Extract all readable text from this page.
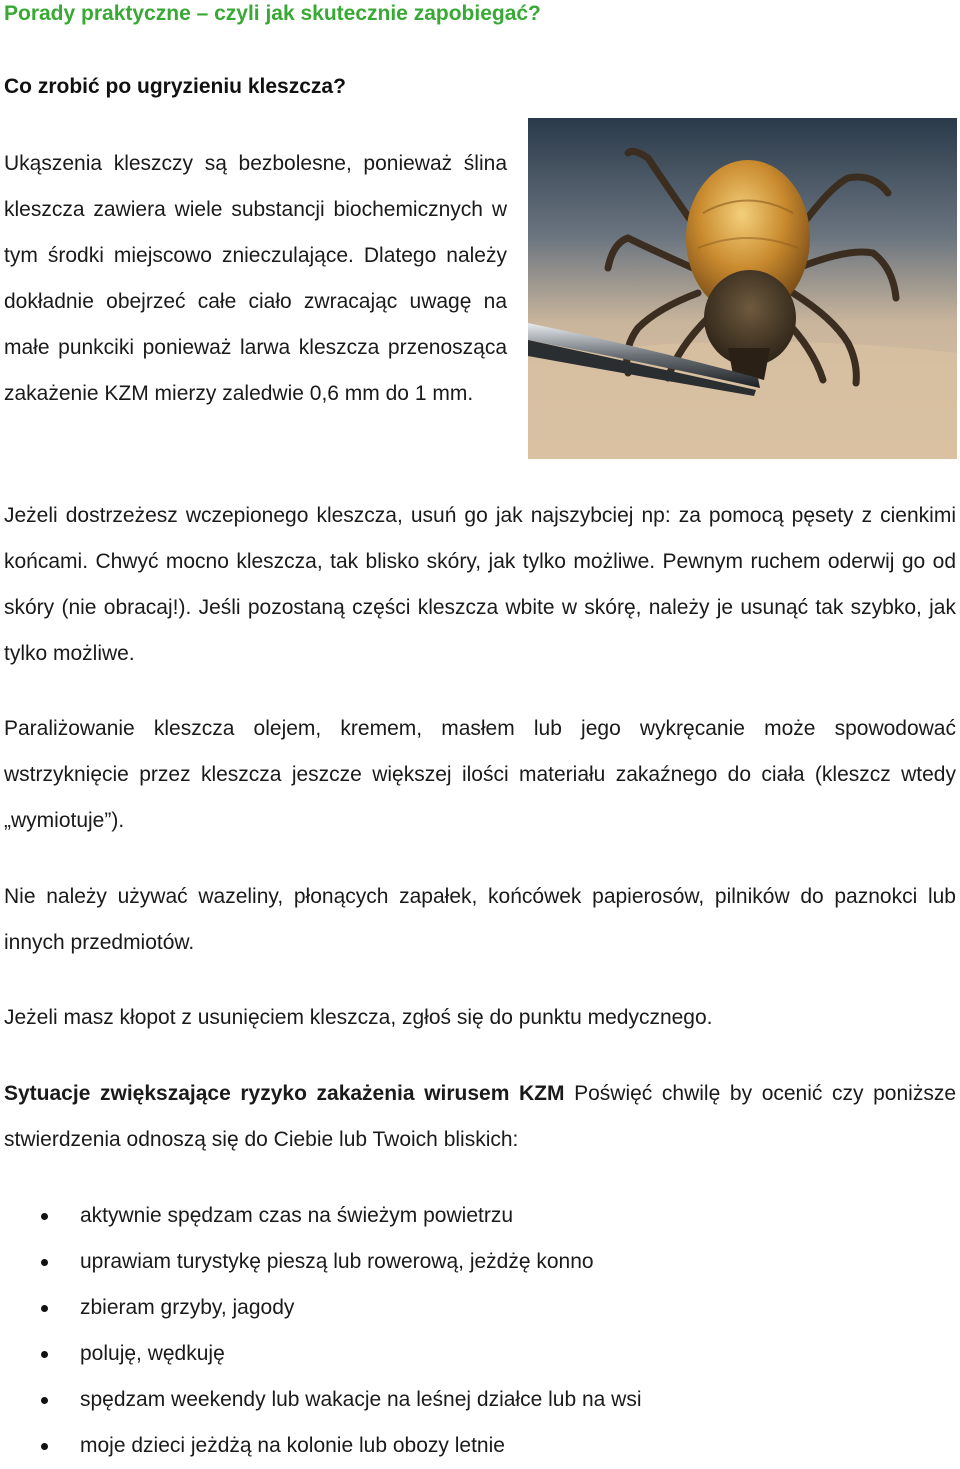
Porady praktyczne – czyli jak skutecznie zapobiegać?
Co zrobić po ugryzieniu kleszcza?

Ukąszenia kleszczy są bezbolesne, ponieważ ślina kleszcza zawiera wiele substancji biochemicznych w tym środki miejscowo znieczulające. Dlatego należy dokładnie obejrzeć całe ciało zwracając uwagę na małe punkciki ponieważ larwa kleszcza przenosząca zakażenie KZM mierzy zaledwie 0,6 mm do 1 mm.

Jeżeli dostrzeżesz wczepionego kleszcza, usuń go jak najszybciej np: za pomocą pęsety z cienkimi końcami. Chwyć mocno kleszcza, tak blisko skóry, jak tylko możliwe. Pewnym ruchem oderwij go od skóry (nie obracaj!). Jeśli pozostaną części kleszcza wbite w skórę, należy je usunąć tak szybko, jak tylko możliwe.

Paraliżowanie kleszcza olejem, kremem, masłem lub jego wykręcanie może spowodować wstrzyknięcie przez kleszcza jeszcze większej ilości materiału zakaźnego do ciała (kleszcz wtedy „wymiotuje”).

Nie należy używać wazeliny, płonących zapałek, końcówek papierosów, pilników do paznokci lub innych przedmiotów.

Jeżeli masz kłopot z usunięciem kleszcza, zgłoś się do punktu medycznego.

Sytuacje zwiększające ryzyko zakażenia wirusem KZM Poświęć chwilę by ocenić czy poniższe stwierdzenia odnoszą się do Ciebie lub Twoich bliskich:

aktywnie spędzam czas na świeżym powietrzu
uprawiam turystykę pieszą lub rowerową, jeżdżę konno
zbieram grzyby, jagody
poluję, wędkuję
spędzam weekendy lub wakacje na leśnej działce lub na wsi
moje dzieci jeżdżą na kolonie lub obozy letnie
